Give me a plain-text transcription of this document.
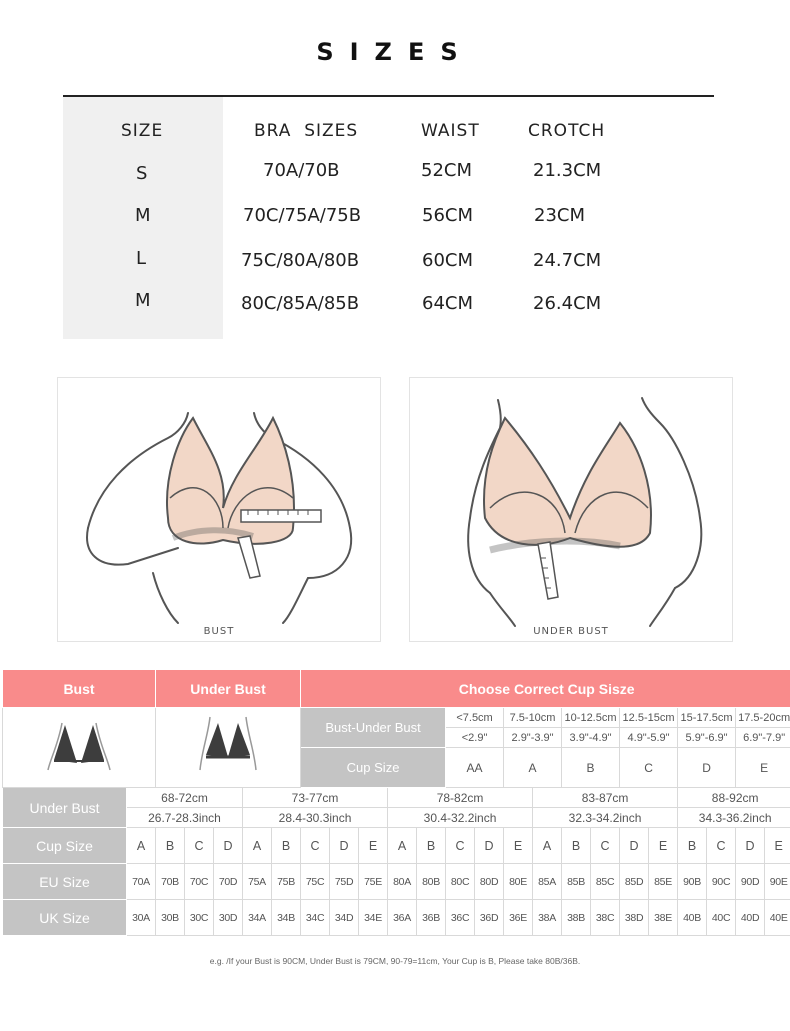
SIZES
SIZE	BRA  SIZES	WAIST	CROTCH
S	70A/70B	52CM	21.3CM
M	70C/75A/75B	56CM	23CM
L	75C/80A/80B	60CM	24.7CM
M	80C/85A/85B	64CM	26.4CM
BUST	UNDER BUST
Bust		Under Bust					Choose Correct Cup Sisze																
		Bust-Under Bust					<7.5cm		7.5-10cm		10-12.5cm		12.5-15cm		15-17.5cm		17.5-20cm	
												<2.9"		2.9"-3.9"		3.9"-4.9"		4.9"-5.9"		5.9"-6.9"		6.9"-7.9"	
							Cup Size					AA		A		B		C		D		E	
Under Bust	68-72cm				73-77cm					78-82cm					83-87cm					88-92cm			
	26.7-28.3inch				28.4-30.3inch					30.4-32.2inch					32.3-34.2inch					34.3-36.2inch			
Cup Size	A	B	C	D	A	B	C	D	E	A	B	C	D	E	A	B	C	D	E	B	C	D	E
EU Size	70A	70B	70C	70D	75A	75B	75C	75D	75E	80A	80B	80C	80D	80E	85A	85B	85C	85D	85E	90B	90C	90D	90E
UK Size	30A	30B	30C	30D	34A	34B	34C	34D	34E	36A	36B	36C	36D	36E	38A	38B	38C	38D	38E	40B	40C	40D	40E
e.g. /If your Bust is 90CM, Under Bust is 79CM, 90-79=11cm, Your Cup is B, Please take 80B/36B.
